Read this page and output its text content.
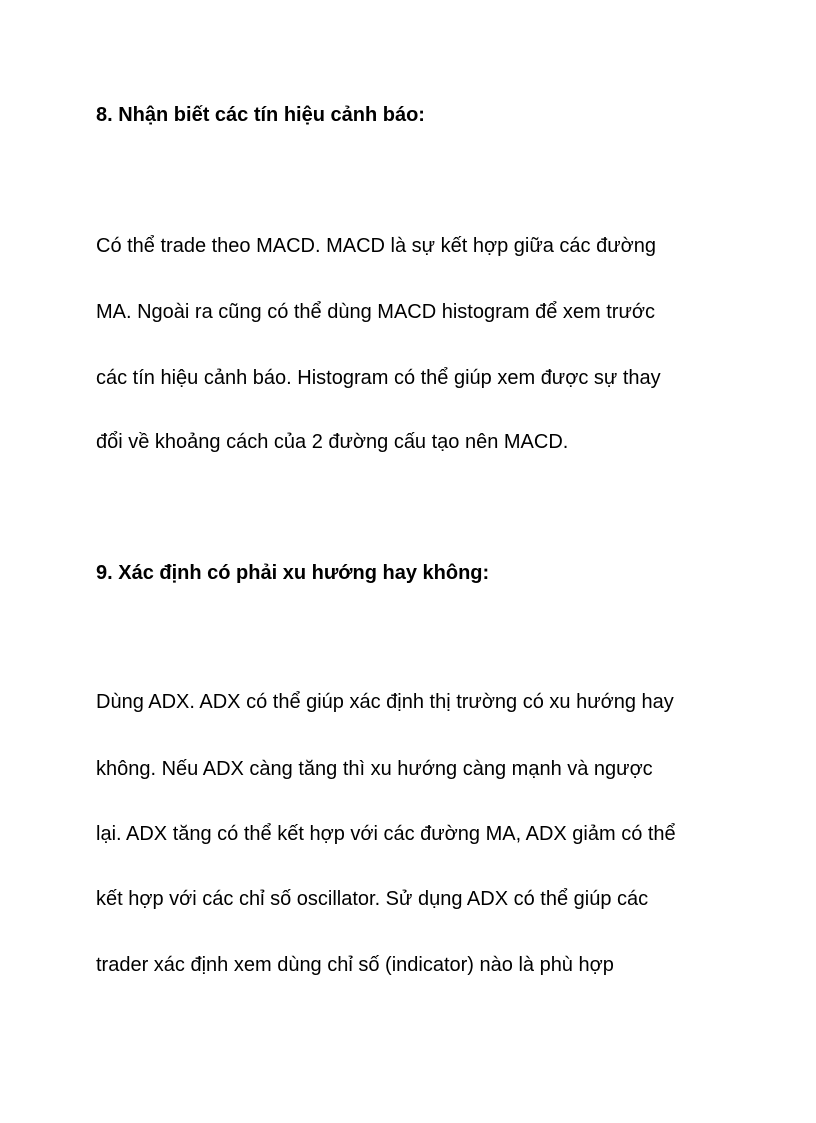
8. Nhận biết các tín hiệu cảnh báo:

Có thể trade theo MACD. MACD là sự kết hợp giữa các đường

MA. Ngoài ra cũng có thể dùng MACD histogram để xem trước

các tín hiệu cảnh báo. Histogram có thể giúp xem được sự thay

đổi về khoảng cách của 2 đường cấu tạo nên MACD.

9. Xác định có phải xu hướng hay không:

Dùng ADX. ADX có thể giúp xác định thị trường có xu hướng hay

không. Nếu ADX càng tăng thì xu hướng càng mạnh và ngược

lại. ADX tăng có thể kết hợp với các đường MA, ADX giảm có thể

kết hợp với các chỉ số oscillator. Sử dụng ADX có thể giúp các

trader xác định xem dùng chỉ số (indicator) nào là phù hợp
